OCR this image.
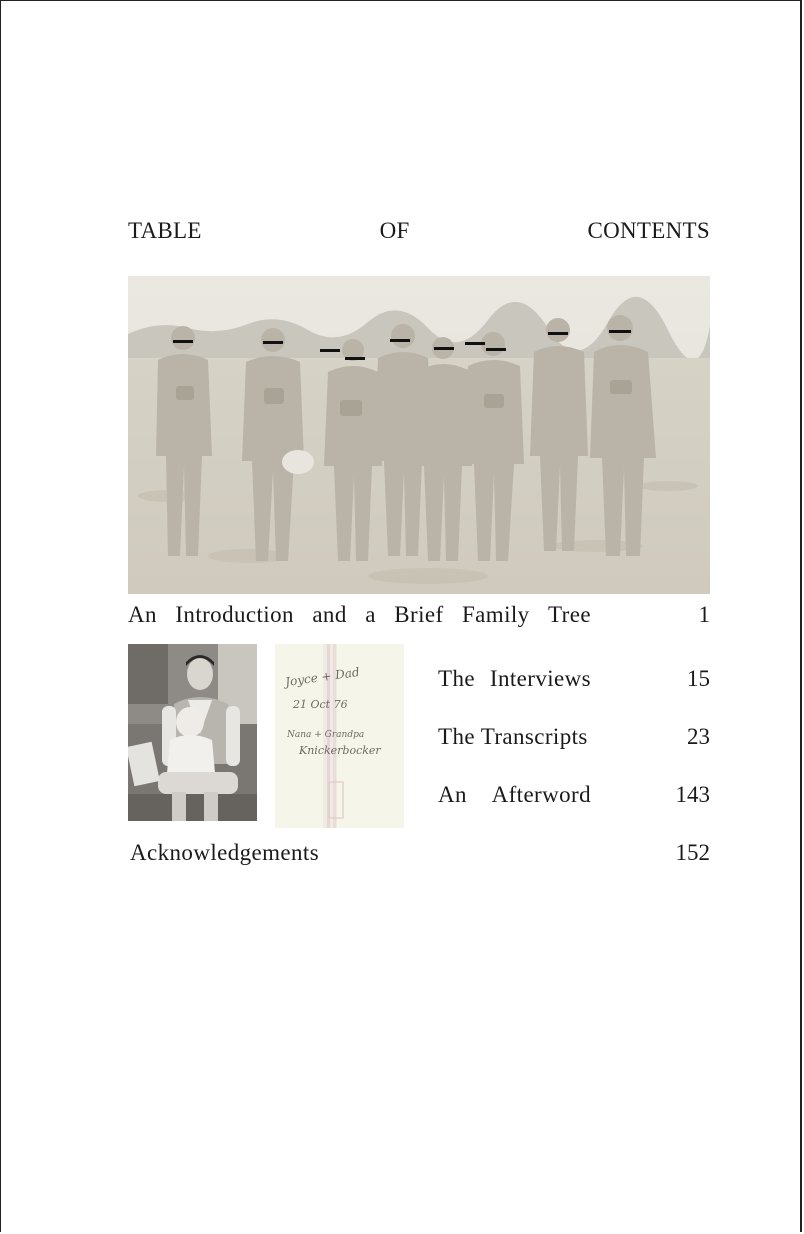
TABLE	OF	CONTENTS
An Introduction and a Brief Family Tree	1
Joyce + Dad
21 Oct 76
Nana + Grandpa
Knickerbocker
The Interviews	15
The Transcripts	23
An Afterword	143
Acknowledgements	152
